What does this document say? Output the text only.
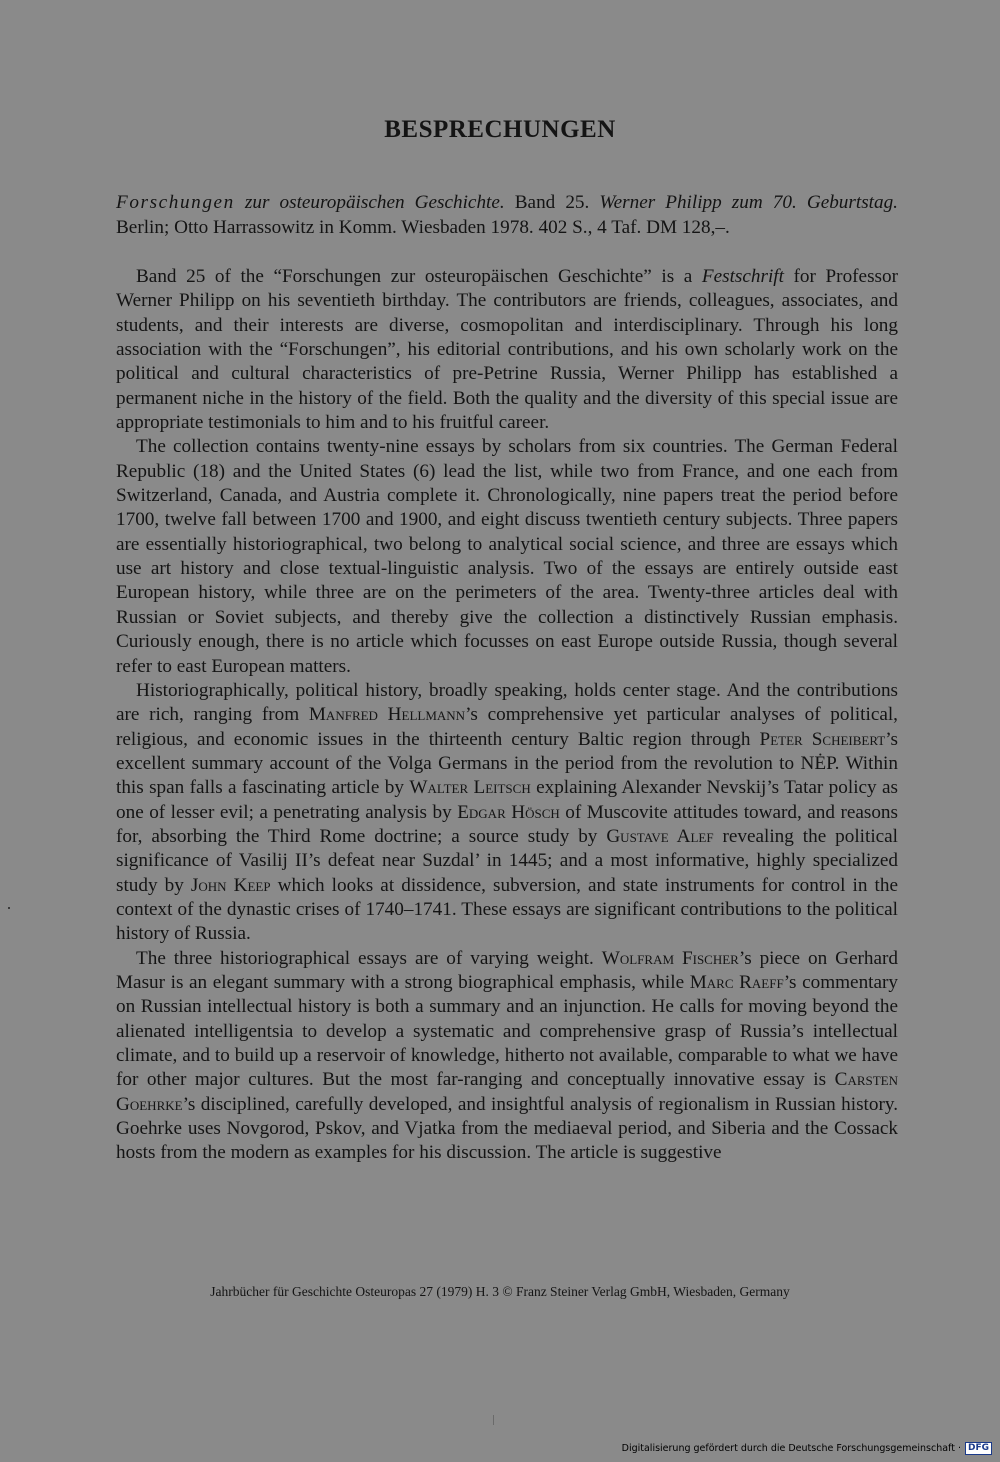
BESPRECHUNGEN
Forschungen zur osteuropäischen Geschichte. Band 25. Werner Philipp zum 70. Geburtstag. Berlin; Otto Harrassowitz in Komm. Wiesbaden 1978. 402 S., 4 Taf. DM 128,–.

Band 25 of the “Forschungen zur osteuropäischen Geschichte” is a Festschrift for Professor Werner Philipp on his seventieth birthday. The contributors are friends, colleagues, associates, and students, and their interests are diverse, cosmopolitan and interdisciplinary. Through his long association with the “Forschungen”, his editorial contributions, and his own scholarly work on the political and cultural characteristics of pre-Petrine Russia, Werner Philipp has established a permanent niche in the history of the field. Both the quality and the diversity of this special issue are appropriate testimonials to him and to his fruitful career.

The collection contains twenty-nine essays by scholars from six countries. The German Federal Republic (18) and the United States (6) lead the list, while two from France, and one each from Switzerland, Canada, and Austria complete it. Chronologically, nine papers treat the period before 1700, twelve fall between 1700 and 1900, and eight discuss twentieth century subjects. Three papers are essentially historiographical, two belong to analytical social science, and three are essays which use art history and close textual-linguistic analysis. Two of the essays are entirely outside east European history, while three are on the perimeters of the area. Twenty-three articles deal with Russian or Soviet subjects, and thereby give the collection a distinctively Russian emphasis. Curiously enough, there is no article which focusses on east Europe outside Russia, though several refer to east European matters.

Historiographically, political history, broadly speaking, holds center stage. And the contributions are rich, ranging from Manfred Hellmann’s comprehensive yet particular analyses of political, religious, and economic issues in the thirteenth century Baltic region through Peter Scheibert’s excellent summary account of the Volga Germans in the period from the revolution to NĖP. Within this span falls a fascinating article by Walter Leitsch explaining Alexander Nevskij’s Tatar policy as one of lesser evil; a penetrating analysis by Edgar Hösch of Muscovite attitudes toward, and reasons for, absorbing the Third Rome doctrine; a source study by Gustave Alef revealing the political significance of Vasilij II’s defeat near Suzdal’ in 1445; and a most informative, highly specialized study by John Keep which looks at dissidence, subversion, and state instruments for control in the context of the dynastic crises of 1740–1741. These essays are significant contributions to the political history of Russia.

The three historiographical essays are of varying weight. Wolfram Fischer’s piece on Gerhard Masur is an elegant summary with a strong biographical emphasis, while Marc Raeff’s commentary on Russian intellectual history is both a summary and an injunction. He calls for moving beyond the alienated intelligentsia to develop a systematic and comprehensive grasp of Russia’s intellectual climate, and to build up a reservoir of knowledge, hitherto not available, comparable to what we have for other major cultures. But the most far-ranging and conceptually innovative essay is Carsten Goehrke’s disciplined, carefully developed, and insightful analysis of regionalism in Russian history. Goehrke uses Novgorod, Pskov, and Vjatka from the mediaeval period, and Siberia and the Cossack hosts from the modern as examples for his discussion. The article is suggestive

Jahrbücher für Geschichte Osteuropas 27 (1979) H. 3 © Franz Steiner Verlag GmbH, Wiesbaden, Germany
Digitalisierung gefördert durch die Deutsche Forschungsgemeinschaft · DFG
